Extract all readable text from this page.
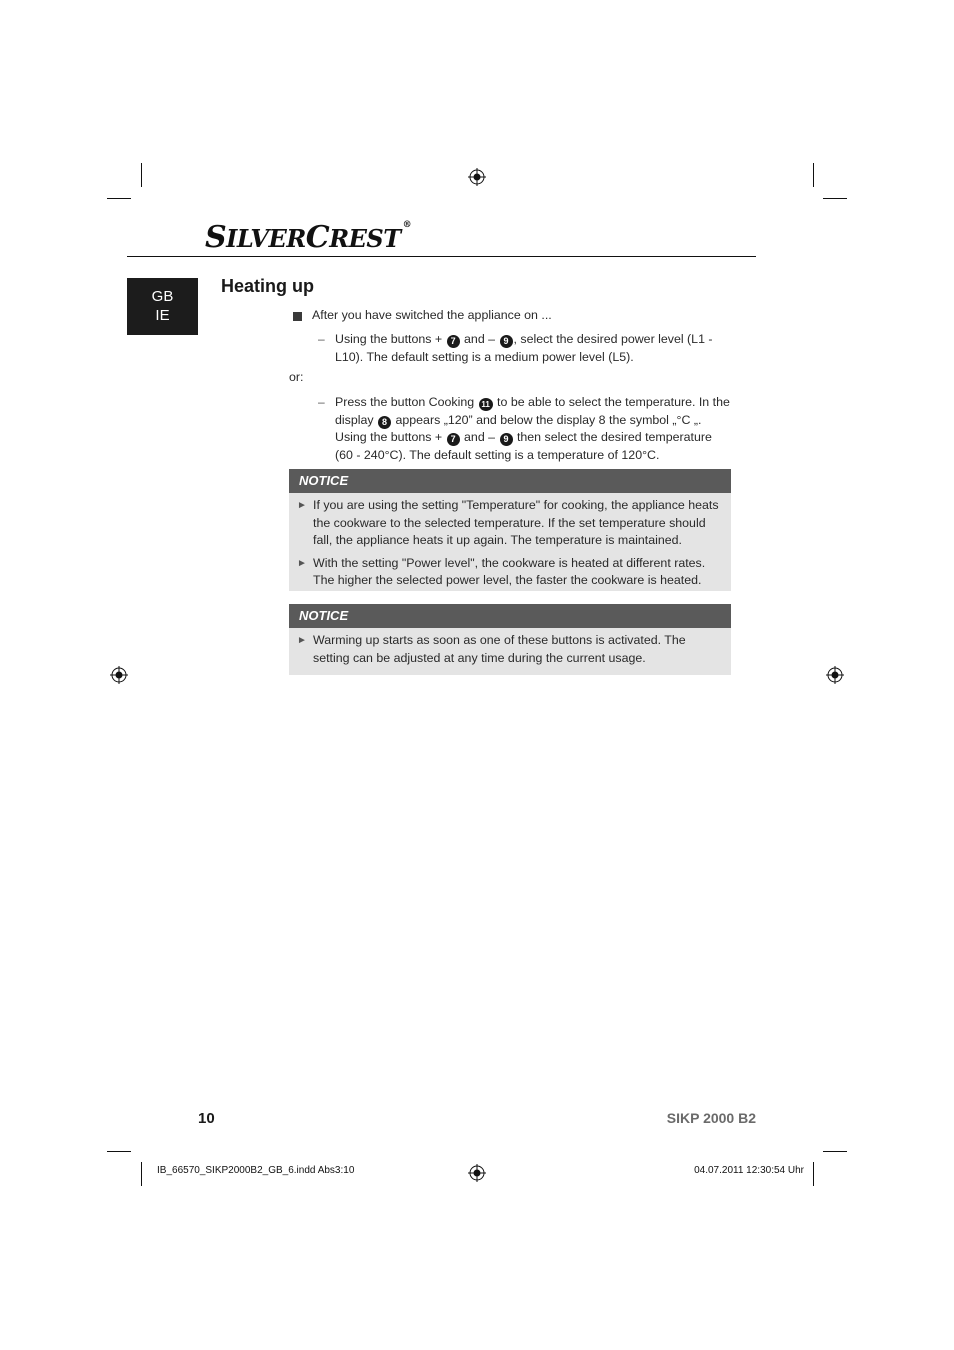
SILVERCREST ®
GB
IE
Heating up
After you have switched the appliance on ...
– Using the buttons + 7 and – 9 , select the desired power level (L1 -
L10). The default setting is a medium power level (L5).
or:
– Press the button Cooking 11 to be able to select the temperature. In the
display 8 appears „120” and below the display 8 the symbol „°C „.
Using the buttons + 7 and – 9 then select the desired temperature
(60 - 240°C). The default setting is a temperature of 120°C.
NOTICE
► If you are using the setting "Temperature" for cooking, the appliance heats the cookware to the selected temperature. If the set temperature should fall, the appliance heats it up again. The temperature is maintained.
► With the setting "Power level", the cookware is heated at different rates. The higher the selected power level, the faster the cookware is heated.
NOTICE
► Warming up starts as soon as one of these buttons is activated. The setting can be adjusted at any time during the current usage.
10	SIKP 2000 B2
IB_66570_SIKP2000B2_GB_6.indd Abs3:10	04.07.2011 12:30:54 Uhr
